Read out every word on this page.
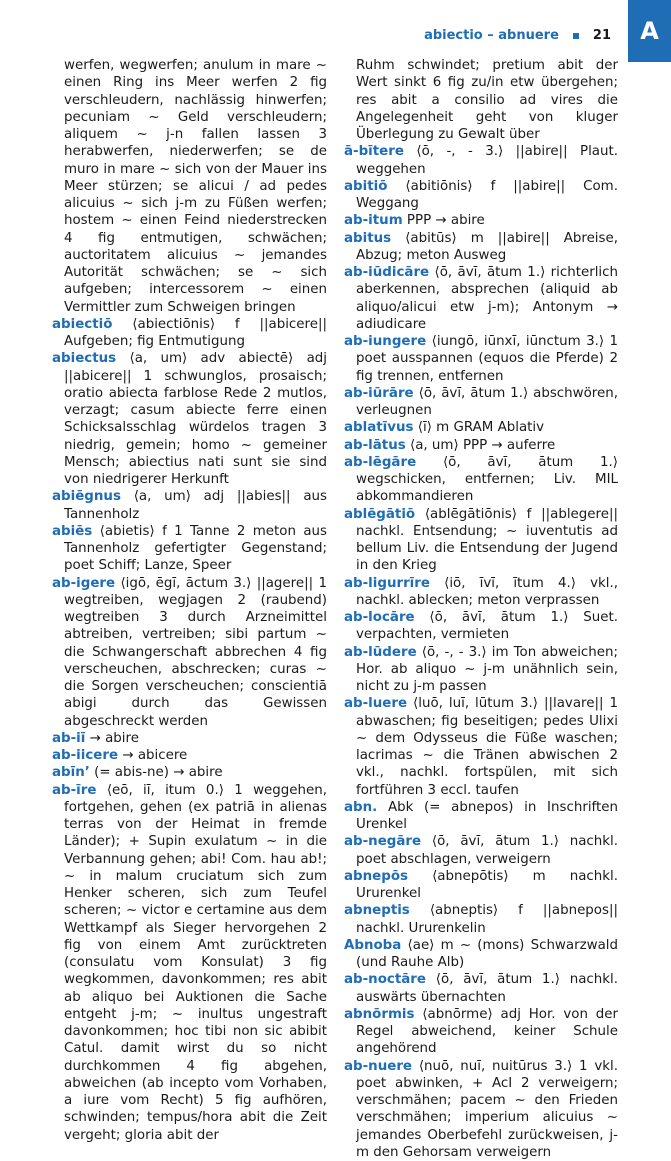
A
abiectio – abnuere	21

werfen, wegwerfen; anulum in mare ~ einen Ring ins Meer werfen 2 fig verschleudern, nachlässig hinwerfen; pecuniam ~ Geld verschleudern; aliquem ~ j-n fallen lassen 3 herabwerfen, niederwerfen; se de muro in mare ~ sich von der Mauer ins Meer stürzen; se alicui / ad pedes alicuius ~ sich j-m zu Füßen werfen; hostem ~ einen Feind niederstrecken 4 fig entmutigen, schwächen; auctoritatem alicuius ~ jemandes Autorität schwächen; se ~ sich aufgeben; intercessorem ~ einen Vermittler zum Schweigen bringen

abiectiō ⟨abiectiōnis⟩ f ||abicere|| Aufgeben; fig Entmutigung

abiectus ⟨a, um⟩ adv abiectē⟩ adj ||abicere|| 1 schwunglos, prosaisch; oratio abiecta farblose Rede 2 mutlos, verzagt; casum abiecte ferre einen Schicksalsschlag würdelos tragen 3 niedrig, gemein; homo ~ gemeiner Mensch; abiectius nati sunt sie sind von niedrigerer Herkunft

abiēgnus ⟨a, um⟩ adj ||abies|| aus Tannenholz

abiēs ⟨abietis⟩ f 1 Tanne 2 meton aus Tannenholz gefertigter Gegenstand; poet Schiff; Lanze, Speer

ab-igere ⟨igō, ēgī, āctum 3.⟩ ||agere|| 1 wegtreiben, wegjagen 2 (raubend) wegtreiben 3 durch Arzneimittel abtreiben, vertreiben; sibi partum ~ die Schwangerschaft abbrechen 4 fig verscheuchen, abschrecken; curas ~ die Sorgen verscheuchen; conscientiā abigi durch das Gewissen abgeschreckt werden

ab-iī → abire

ab-iicere → abicere

abīn’ (= abis-ne) → abire

ab-īre ⟨eō, iī, itum 0.⟩ 1 weggehen, fortgehen, gehen (ex patriā in alienas terras von der Heimat in fremde Länder); + Supin exulatum ~ in die Verbannung gehen; abi! Com. hau ab!; ~ in malum cruciatum sich zum Henker scheren, sich zum Teufel scheren; ~ victor e certamine aus dem Wettkampf als Sieger hervorgehen 2 fig von einem Amt zurücktreten (consulatu vom Konsulat) 3 fig wegkommen, davonkommen; res abit ab aliquo bei Auktionen die Sache entgeht j-m; ~ inultus ungestraft davonkommen; hoc tibi non sic abibit Catul. damit wirst du so nicht durchkommen 4 fig abgehen, abweichen (ab incepto vom Vorhaben, a iure vom Recht) 5 fig aufhören, schwinden; tempus/hora abit die Zeit vergeht; gloria abit der

Ruhm schwindet; pretium abit der Wert sinkt 6 fig zu/in etw übergehen; res abit a consilio ad vires die Angelegenheit geht von kluger Überlegung zu Gewalt über

ā-bītere ⟨ō, -, - 3.⟩ ||abire|| Plaut. weggehen

abitiō ⟨abitiōnis⟩ f ||abire|| Com. Weggang

ab-itum PPP → abire

abitus ⟨abitūs⟩ m ||abire|| Abreise, Abzug; meton Ausweg

ab-iūdicāre ⟨ō, āvī, ātum 1.⟩ richterlich aberkennen, absprechen (aliquid ab aliquo/alicui etw j-m); Antonym → adiudicare

ab-iungere ⟨iungō, iūnxī, iūnctum 3.⟩ 1 poet ausspannen (equos die Pferde) 2 fig trennen, entfernen

ab-iūrāre ⟨ō, āvī, ātum 1.⟩ abschwören, verleugnen

ablatīvus ⟨ī⟩ m GRAM Ablativ

ab-lātus ⟨a, um⟩ PPP → auferre

ab-lēgāre ⟨ō, āvī, ātum 1.⟩ wegschicken, entfernen; Liv. MIL abkommandieren

ablēgātiō ⟨ablēgātiōnis⟩ f ||ablegere|| nachkl. Entsendung; ~ iuventutis ad bellum Liv. die Entsendung der Jugend in den Krieg

ab-ligurrīre ⟨iō, īvī, ītum 4.⟩ vkl., nachkl. ablecken; meton verprassen

ab-locāre ⟨ō, āvī, ātum 1.⟩ Suet. verpachten, vermieten

ab-lūdere ⟨ō, -, - 3.⟩ im Ton abweichen; Hor. ab aliquo ~ j-m unähnlich sein, nicht zu j-m passen

ab-luere ⟨luō, luī, lūtum 3.⟩ ||lavare|| 1 abwaschen; fig beseitigen; pedes Ulixi ~ dem Odysseus die Füße waschen; lacrimas ~ die Tränen abwischen 2 vkl., nachkl. fortspülen, mit sich fortführen 3 eccl. taufen

abn. Abk (= abnepos) in Inschriften Urenkel

ab-negāre ⟨ō, āvī, ātum 1.⟩ nachkl. poet abschlagen, verweigern

abnepōs ⟨abnepōtis⟩ m nachkl. Ururenkel

abneptis ⟨abneptis⟩ f ||abnepos|| nachkl. Ururenkelin

Abnoba ⟨ae⟩ m ~ (mons) Schwarzwald (und Rauhe Alb)

ab-noctāre ⟨ō, āvī, ātum 1.⟩ nachkl. auswärts übernachten

abnōrmis ⟨abnōrme⟩ adj Hor. von der Regel abweichend, keiner Schule angehörend

ab-nuere ⟨nuō, nuī, nuitūrus 3.⟩ 1 vkl. poet abwinken, + AcI 2 verweigern; verschmähen; pacem ~ den Frieden verschmähen; imperium alicuius ~ jemandes Oberbefehl zurückweisen, j-m den Gehorsam verweigern
